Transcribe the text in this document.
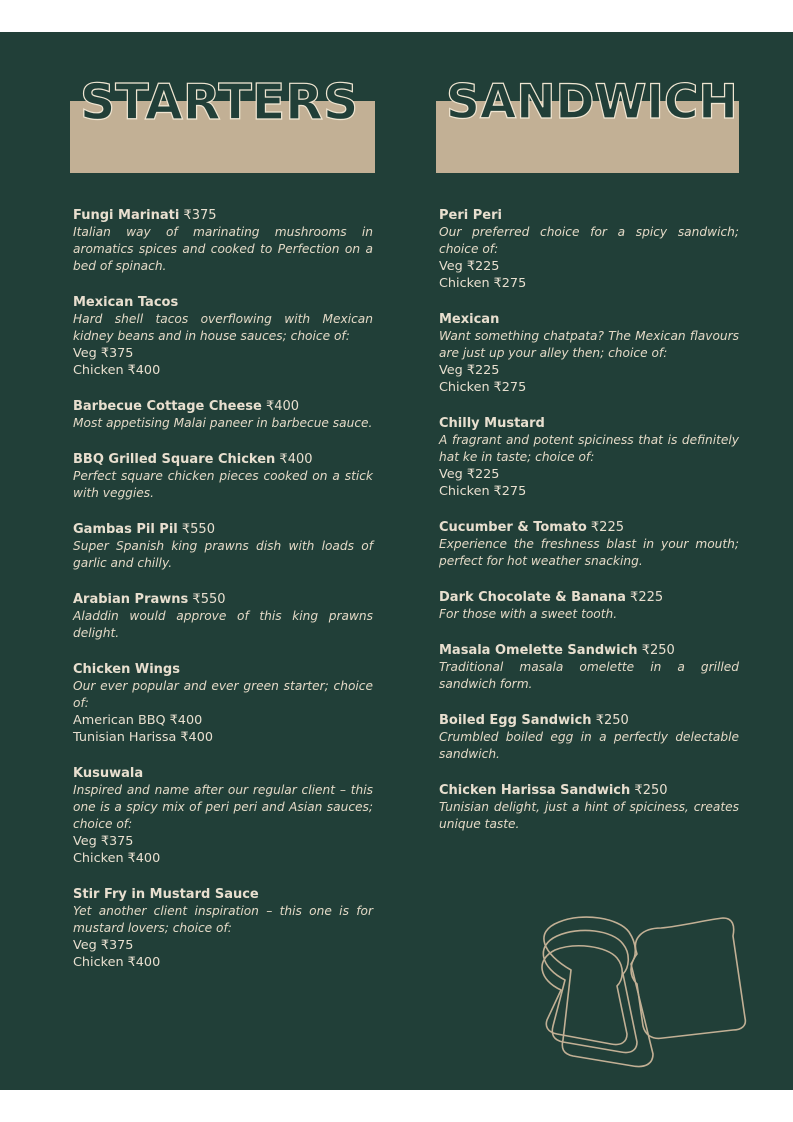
STARTERS
Fungi Marinati ₹375

Italian way of marinating mushrooms in aromatics spices and cooked to Perfection on a bed of spinach.

Mexican Tacos

Hard shell tacos overflowing with Mexican kidney beans and in house sauces; choice of:

Veg ₹375
Chicken ₹400
Barbecue Cottage Cheese ₹400

Most appetising Malai paneer in barbecue sauce.

BBQ Grilled Square Chicken ₹400

Perfect square chicken pieces cooked on a stick with veggies.

Gambas Pil Pil ₹550

Super Spanish king prawns dish with loads of garlic and chilly.

Arabian Prawns ₹550

Aladdin would approve of this king prawns delight.

Chicken Wings

Our ever popular and ever green starter; choice of:

American BBQ ₹400
Tunisian Harissa ₹400
Kusuwala

Inspired and name after our regular client – this one is a spicy mix of peri peri and Asian sauces; choice of:

Veg ₹375
Chicken ₹400
Stir Fry in Mustard Sauce

Yet another client inspiration – this one is for mustard lovers; choice of:

Veg ₹375
Chicken ₹400
SANDWICH
Peri Peri

Our preferred choice for a spicy sandwich; choice of:

Veg ₹225
Chicken ₹275
Mexican

Want something chatpata? The Mexican flavours are just up your alley then; choice of:

Veg ₹225
Chicken ₹275
Chilly Mustard

A fragrant and potent spiciness that is definitely hat ke in taste; choice of:

Veg ₹225
Chicken ₹275
Cucumber & Tomato ₹225

Experience the freshness blast in your mouth; perfect for hot weather snacking.

Dark Chocolate & Banana ₹225

For those with a sweet tooth.

Masala Omelette Sandwich ₹250

Traditional masala omelette in a grilled sandwich form.

Boiled Egg Sandwich ₹250

Crumbled boiled egg in a perfectly delectable sandwich.

Chicken Harissa Sandwich ₹250

Tunisian delight, just a hint of spiciness, creates unique taste.
